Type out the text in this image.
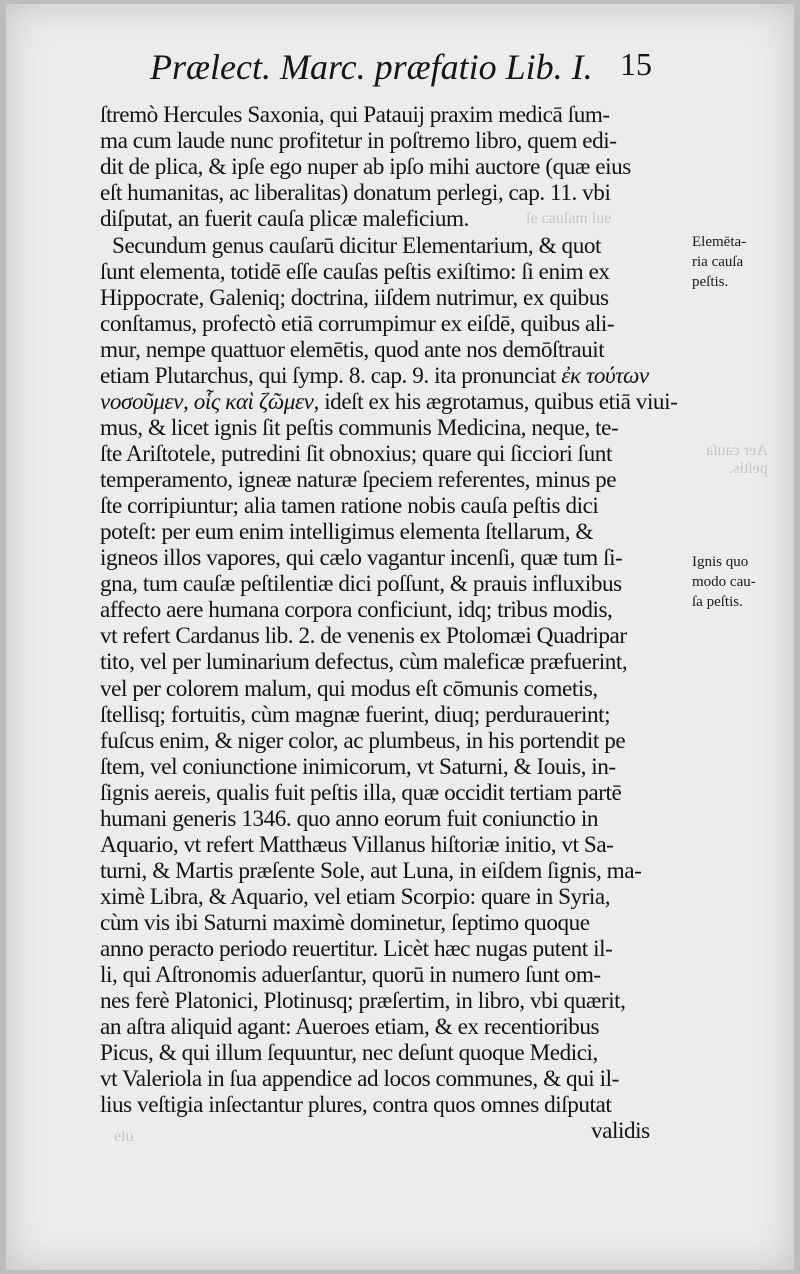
Prælect. Marc. præfatio Lib. I. 15
ſtremò Hercules Saxonia, qui Patauij praxim medicā ſum-
ma cum laude nunc profitetur in poſtremo libro, quem edi-
dit de plica, & ipſe ego nuper ab ipſo mihi auctore (quæ eius
eſt humanitas, ac liberalitas) donatum perlegi, cap. 11. vbi
diſputat, an fuerit cauſa plicæ maleficium.
Secundum genus cauſarū dicitur Elementarium, & quot
ſunt elementa, totidē eſſe cauſas peſtis exiſtimo: ſi enim ex
Hippocrate, Galeniq; doctrina, iiſdem nutrimur, ex quibus
conſtamus, profectò etiā corrumpimur ex eiſdē, quibus ali-
mur, nempe quattuor elemētis, quod ante nos demōſtrauit
etiam Plutarchus, qui ſymp. 8. cap. 9. ita pronunciat ἐκ τούτων
νοσοῦμεν, οἷς καὶ ζῶμεν, ideſt ex his ægrotamus, quibus etiā viui-
mus, & licet ignis ſit peſtis communis Medicina, neque, te-
ſte Ariſtotele, putredini ſit obnoxius; quare qui ſicciori ſunt
temperamento, igneæ naturæ ſpeciem referentes, minus pe
ſte corripiuntur; alia tamen ratione nobis cauſa peſtis dici
poteſt: per eum enim intelligimus elementa ſtellarum, &
igneos illos vapores, qui cælo vagantur incenſi, quæ tum ſi-
gna, tum cauſæ peſtilentiæ dici poſſunt, & prauis influxibus
affecto aere humana corpora conficiunt, idq; tribus modis,
vt refert Cardanus lib. 2. de venenis ex Ptolomæi Quadripar
tito, vel per luminarium defectus, cùm maleficæ præfuerint,
vel per colorem malum, qui modus eſt cōmunis cometis,
ſtellisq; fortuitis, cùm magnæ fuerint, diuq; perdurauerint;
fuſcus enim, & niger color, ac plumbeus, in his portendit pe
ſtem, vel coniunctione inimicorum, vt Saturni, & Iouis, in-
ſignis aereis, qualis fuit peſtis illa, quæ occidit tertiam partē
humani generis 1346. quo anno eorum fuit coniunctio in
Aquario, vt refert Matthæus Villanus hiſtoriæ initio, vt Sa-
turni, & Martis præſente Sole, aut Luna, in eiſdem ſignis, ma-
ximè Libra, & Aquario, vel etiam Scorpio: quare in Syria,
cùm vis ibi Saturni maximè dominetur, ſeptimo quoque
anno peracto periodo reuertitur. Licèt hæc nugas putent il-
li, qui Aſtronomis aduerſantur, quorū in numero ſunt om-
nes ferè Platonici, Plotinusq; præſertim, in libro, vbi quærit,
an aſtra aliquid agant: Aueroes etiam, & ex recentioribus
Picus, & qui illum ſequuntur, nec deſunt quoque Medici,
vt Valeriola in ſua appendice ad locos communes, & qui il-
lius veſtigia inſectantur plures, contra quos omnes diſputat
validis
Elemēta-
ria cauſa
peſtis.
Ignis quo
modo cau-
ſa peſtis.
ſe cauſam lue
Aer cauſa
peſtis.
eiu
